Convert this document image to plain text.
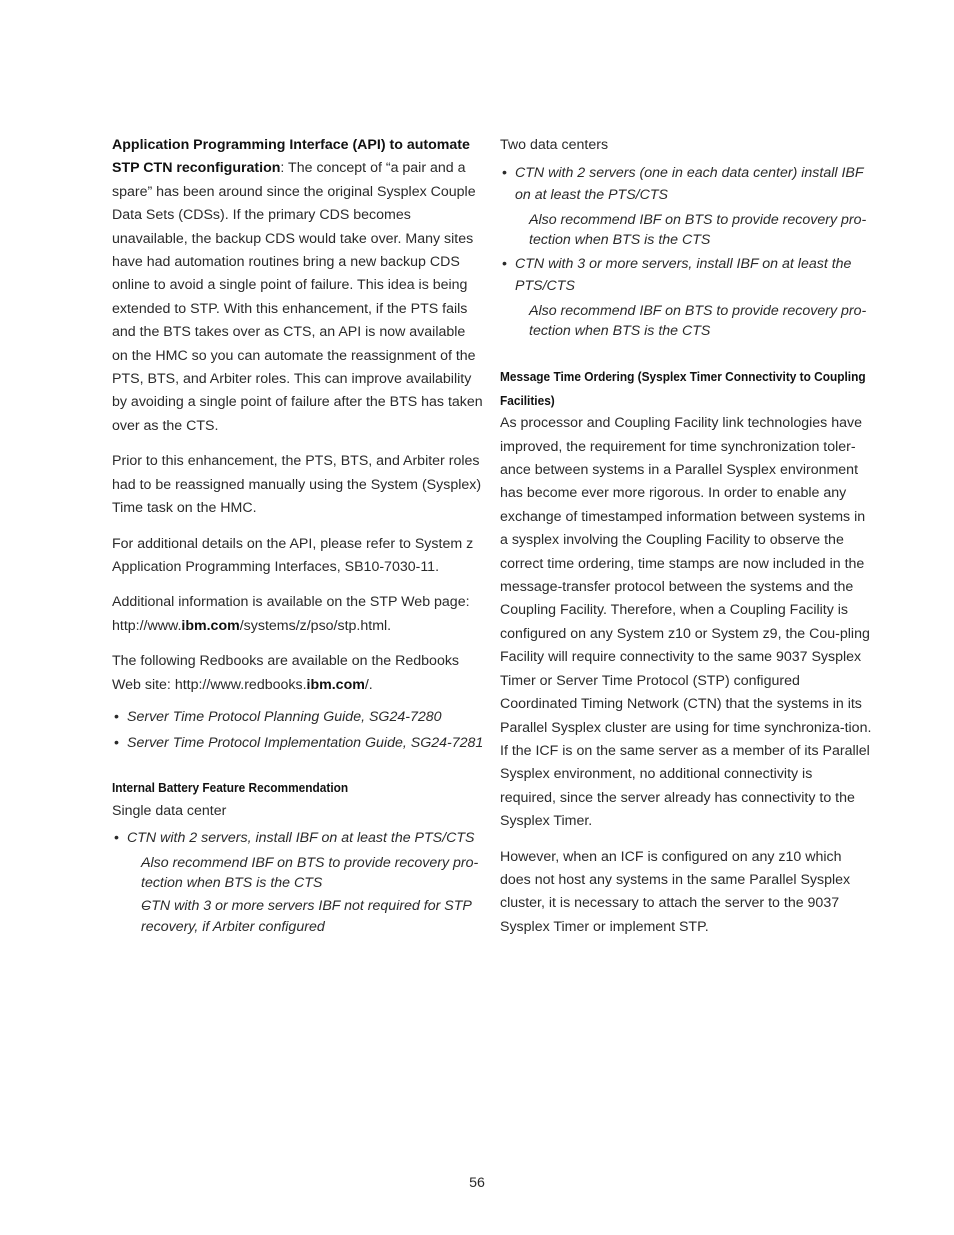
Application Programming Interface (API) to automate STP CTN reconfiguration: The concept of “a pair and a spare” has been around since the original Sysplex Couple Data Sets (CDSs). If the primary CDS becomes unavailable, the backup CDS would take over. Many sites have had automation routines bring a new backup CDS online to avoid a single point of failure. This idea is being extended to STP. With this enhancement, if the PTS fails and the BTS takes over as CTS, an API is now available on the HMC so you can automate the reassignment of the PTS, BTS, and Arbiter roles. This can improve availability by avoiding a single point of failure after the BTS has taken over as the CTS.

Prior to this enhancement, the PTS, BTS, and Arbiter roles had to be reassigned manually using the System (Sysplex) Time task on the HMC.

For additional details on the API, please refer to System z Application Programming Interfaces, SB10-7030-11.

Additional information is available on the STP Web page: http://www.ibm.com/systems/z/pso/stp.html.

The following Redbooks are available on the Redbooks Web site: http://www.redbooks.ibm.com/.

• Server Time Protocol Planning Guide, SG24-7280
• Server Time Protocol Implementation Guide, SG24-7281
Internal Battery Feature Recommendation

Single data center

• CTN with 2 servers, install IBF on at least the PTS/CTS
– Also recommend IBF on BTS to provide recovery pro-tection when BTS is the CTS
– CTN with 3 or more servers IBF not required for STP recovery, if Arbiter configured

Two data centers

• CTN with 2 servers (one in each data center) install IBF on at least the PTS/CTS
– Also recommend IBF on BTS to provide recovery pro-tection when BTS is the CTS
• CTN with 3 or more servers, install IBF on at least the PTS/CTS
– Also recommend IBF on BTS to provide recovery pro-tection when BTS is the CTS
Message Time Ordering (Sysplex Timer Connectivity to Coupling
Facilities)

As processor and Coupling Facility link technologies have improved, the requirement for time synchronization toler-ance between systems in a Parallel Sysplex environment has become ever more rigorous. In order to enable any exchange of timestamped information between systems in a sysplex involving the Coupling Facility to observe the correct time ordering, time stamps are now included in the message-transfer protocol between the systems and the Coupling Facility. Therefore, when a Coupling Facility is configured on any System z10 or System z9, the Cou-pling Facility will require connectivity to the same 9037 Sysplex Timer or Server Time Protocol (STP) configured Coordinated Timing Network (CTN) that the systems in its Parallel Sysplex cluster are using for time synchroniza-tion. If the ICF is on the same server as a member of its Parallel Sysplex environment, no additional connectivity is required, since the server already has connectivity to the Sysplex Timer.

However, when an ICF is configured on any z10 which does not host any systems in the same Parallel Sysplex cluster, it is necessary to attach the server to the 9037 Sysplex Timer or implement STP.

56
